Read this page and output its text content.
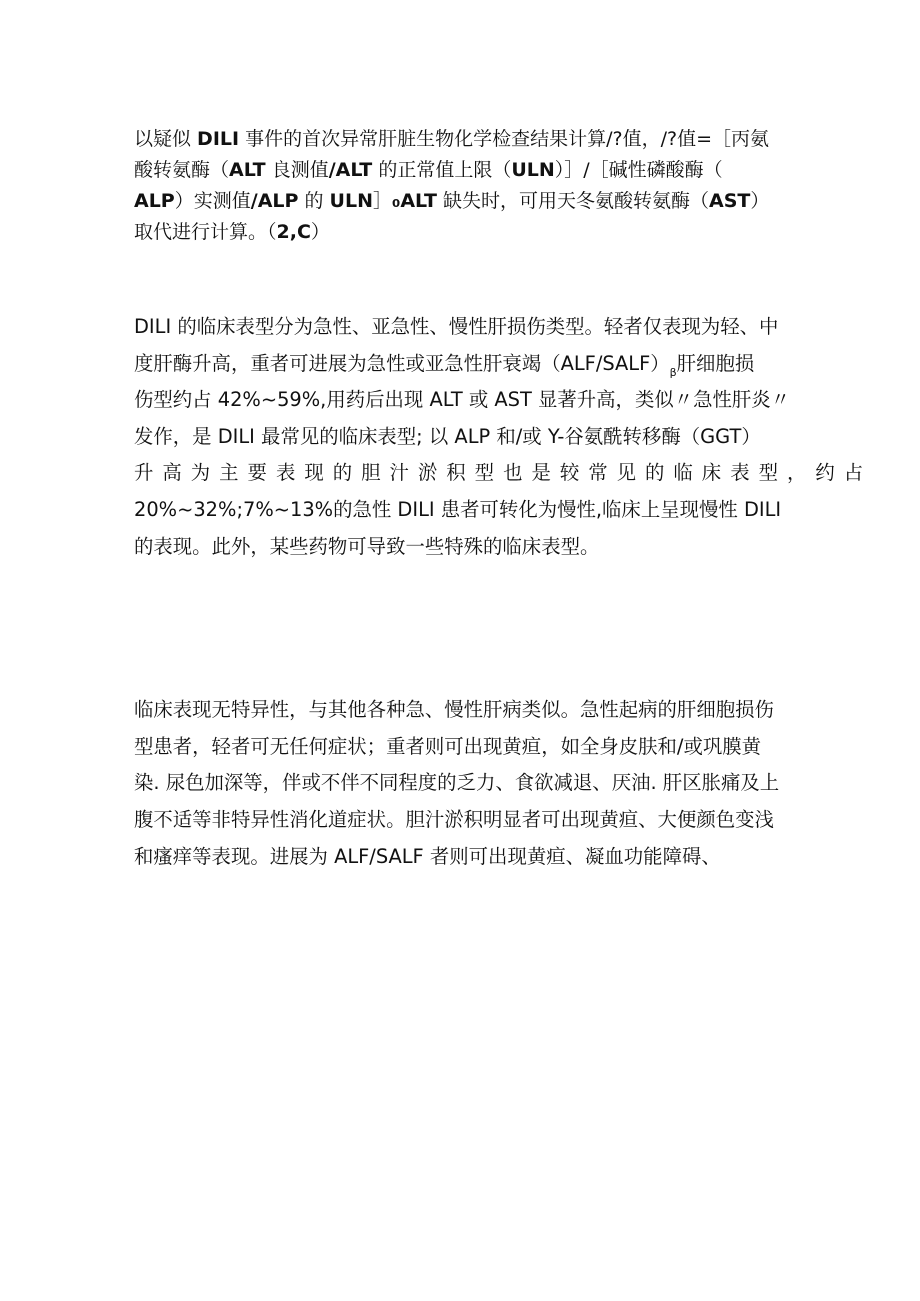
以疑似 DILI 事件的首次异常肝脏生物化学检查结果计算/?值，/?值=［丙氨
酸转氨酶（ALT 良测值/ALT 的正常值上限（ULN）］/［碱性磷酸酶（
ALP）实测值/ALP 的 ULN］₀ALT 缺失时，可用天冬氨酸转氨酶（AST）
取代进行计算。（2,C）
DILI 的临床表型分为急性、亚急性、慢性肝损伤类型。轻者仅表现为轻、中
度肝酶升高，重者可进展为急性或亚急性肝衰竭$(ALF/SALF)_\beta$肝细胞损
伤型约占 42%~59%,用药后出现 ALT 或 AST 显著升高，类似〃急性肝炎〃
发作，是 DILI 最常见的临床表型; 以 ALP 和/或 Y-谷氨酰转移酶（GGT）
升高为主要表现的胆汁淤积型也是较常见的临床表型，约占
20%~32%;7%~13%的急性 DILI 患者可转化为慢性,临床上呈现慢性 DILI
的表现。此外，某些药物可导致一些特殊的临床表型。
临床表现无特异性，与其他各种急、慢性肝病类似。急性起病的肝细胞损伤
型患者，轻者可无任何症状；重者则可出现黄疸，如全身皮肤和/或巩膜黄
染. 尿色加深等，伴或不伴不同程度的乏力、食欲减退、厌油. 肝区胀痛及上
腹不适等非特异性消化道症状。胆汁淤积明显者可出现黄疸、大便颜色变浅
和瘙痒等表现。进展为 ALF/SALF 者则可出现黄疸、凝血功能障碍、
